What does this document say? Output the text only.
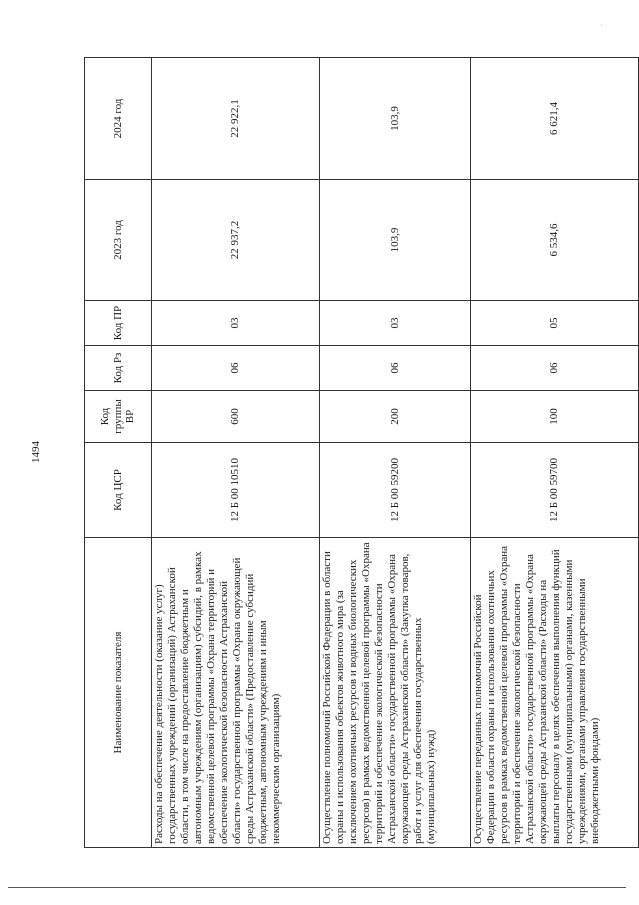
1494
·
Наименование показателя	Код ЦСР	Код группы ВР	Код Рз	Код ПР	2023 год	2024 год
Расходы на обеспечение деятельности (оказание услуг) государственных учреждений (организаций) Астраханской области, в том числе на предоставление бюджетным и автономным учреждениям (организациям) субсидий, в рамках ведомственной целевой программы «Охрана территорий и обеспечение экологической безопасности Астраханской области» государственной программы «Охрана окружающей среды Астраханской области» (Предоставление субсидий бюджетным, автономным учреждениям и иным некоммерческим организациям)	12 Б 00 10510	600	06	03	22 937,2	22 922,1
Осуществление полномочий Российской Федерации в области охраны и использования объектов животного мира (за исключением охотничьих ресурсов и водных биологических ресурсов) в рамках ведомственной целевой программы «Охрана территорий и обеспечение экологической безопасности Астраханской области» государственной программы «Охрана окружающей среды Астраханской области» (Закупка товаров, работ и услуг для обеспечения государственных (муниципальных) нужд)	12 Б 00 59200	200	06	03	103,9	103,9
Осуществление переданных полномочий Российской Федерации в области охраны и использования охотничьих ресурсов в рамках ведомственной целевой программы «Охрана территорий и обеспечение экологической безопасности Астраханской области» государственной программы «Охрана окружающей среды Астраханской области» (Расходы на выплаты персоналу в целях обеспечения выполнения функций государственными (муниципальными) органами, казенными учреждениями, органами управления государственными внебюджетными фондами)	12 Б 00 59700	100	06	05	6 534,6	6 621,4
